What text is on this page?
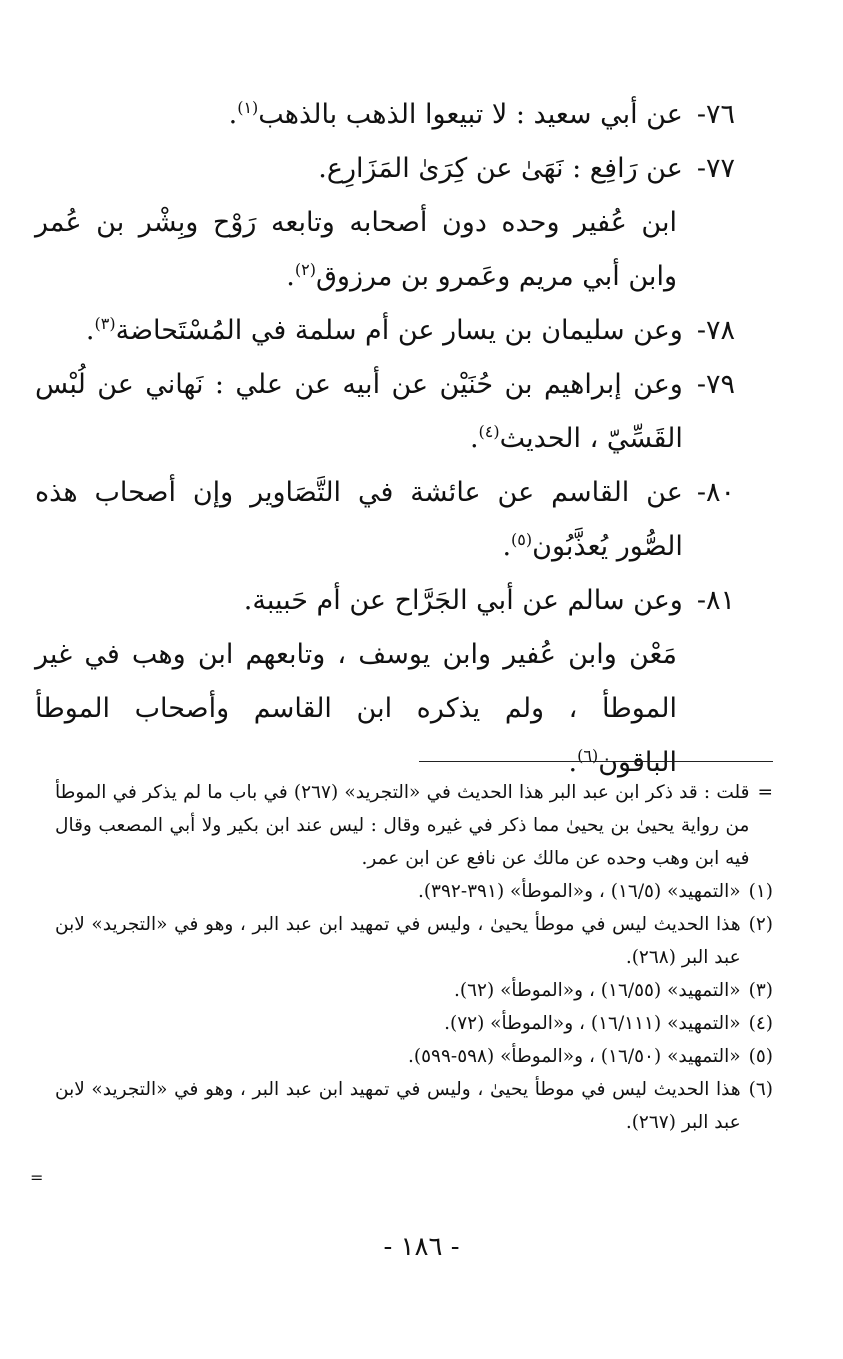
٧٦-
عن أبي سعيد : لا تبيعوا الذهب بالذهب$^{(١)}$.
٧٧-
عن رَافِع : نَهَىٰ عن كِرَىٰ المَزَارِع.
ابن عُفير وحده دون أصحابه وتابعه رَوْح وبِشْر بن عُمر وابن أبي مريم وعَمرو بن مرزوق$^{(٢)}$.
٧٨-
وعن سليمان بن يسار عن أم سلمة في المُسْتَحاضة$^{(٣)}$.
٧٩-
وعن إبراهيم بن حُنَيْن عن أبيه عن علي : نَهاني عن لُبْس القَسِّيّ ، الحديث$^{(٤)}$.
٨٠-
عن القاسم عن عائشة في التَّصَاوير وإن أصحاب هذه الصُّور يُعذَّبُون$^{(٥)}$.
٨١-
وعن سالم عن أبي الجَرَّاح عن أم حَبيبة.
مَعْن وابن عُفير وابن يوسف ، وتابعهم ابن وهب في غير الموطأ ، ولم يذكره ابن القاسم وأصحاب الموطأ الباقون$^{(٦)}$.
=
قلت : قد ذكر ابن عبد البر هذا الحديث في «التجريد» (٢٦٧) في باب ما لم يذكر في الموطأ من رواية يحيىٰ بن يحيىٰ مما ذكر في غيره وقال : ليس عند ابن بكير ولا أبي المصعب وقال فيه ابن وهب وحده عن مالك عن نافع عن ابن عمر.
(١)
«التمهيد» (١٦/٥) ، و«الموطأ» (٣٩١-٣٩٢).
(٢)
هذا الحديث ليس في موطأ يحيىٰ ، وليس في تمهيد ابن عبد البر ، وهو في «التجريد» لابن عبد البر (٢٦٨).
(٣)
«التمهيد» (١٦/٥٥) ، و«الموطأ» (٦٢).
(٤)
«التمهيد» (١٦/١١١) ، و«الموطأ» (٧٢).
(٥)
«التمهيد» (١٦/٥٠) ، و«الموطأ» (٥٩٨-٥٩٩).
(٦)
هذا الحديث ليس في موطأ يحيىٰ ، وليس في تمهيد ابن عبد البر ، وهو في «التجريد» لابن عبد البر (٢٦٧).
=
- ١٨٦ -
